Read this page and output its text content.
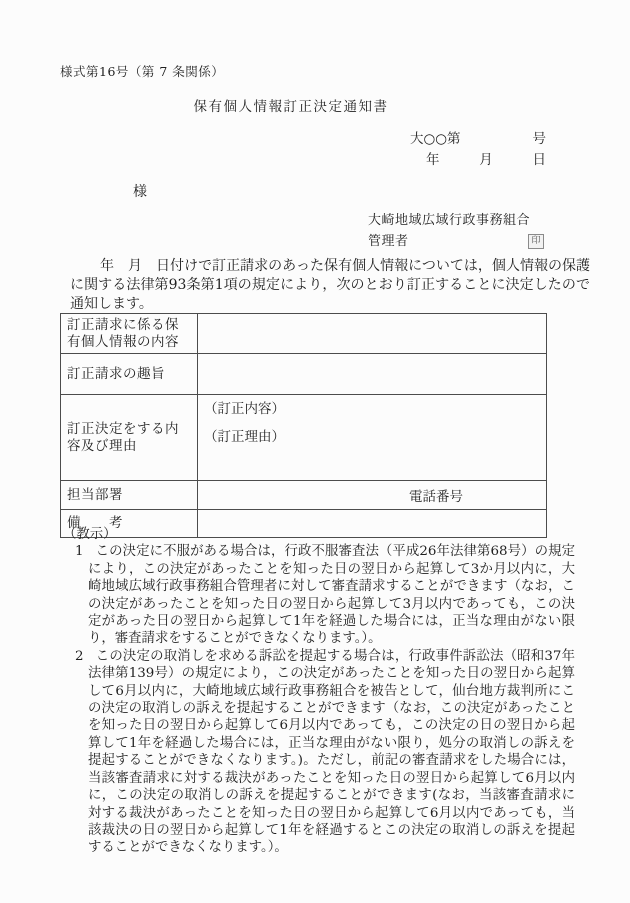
様式第16号（第 7 条関係）
保有個人情報訂正決定通知書
大○○第	号
年	月	日
様
大崎地域広域行政事務組合
管理者	印

年　月　日付けで訂正請求のあった保有個人情報については，個人情報の保護に関する法律第93条第1項の規定により，次のとおり訂正することに決定したので通知します。

訂正請求に係る保有個人情報の内容	
訂正請求の趣旨	
訂正決定をする内容及び理由	（訂正内容）
（訂正理由）

担当部署	電話番号
備　　考	
（教示）
1 この決定に不服がある場合は，行政不服審査法（平成26年法律第68号）の規定により，この決定があったことを知った日の翌日から起算して3か月以内に，大崎地域広域行政事務組合管理者に対して審査請求することができます（なお，この決定があったことを知った日の翌日から起算して3月以内であっても，この決定があった日の翌日から起算して1年を経過した場合には，正当な理由がない限り，審査請求をすることができなくなります。）。
2 この決定の取消しを求める訴訟を提起する場合は，行政事件訴訟法（昭和37年法律第139号）の規定により，この決定があったことを知った日の翌日から起算して6月以内に，大崎地域広域行政事務組合を被告として，仙台地方裁判所にこの決定の取消しの訴えを提起することができます（なお，この決定があったことを知った日の翌日から起算して6月以内であっても，この決定の日の翌日から起算して1年を経過した場合には，正当な理由がない限り，処分の取消しの訴えを提起することができなくなります。)。ただし，前記の審査請求をした場合には，当該審査請求に対する裁決があったことを知った日の翌日から起算して6月以内に，この決定の取消しの訴えを提起することができます(なお，当該審査請求に対する裁決があったことを知った日の翌日から起算して6月以内であっても，当該裁決の日の翌日から起算して1年を経過するとこの決定の取消しの訴えを提起することができなくなります。）。
